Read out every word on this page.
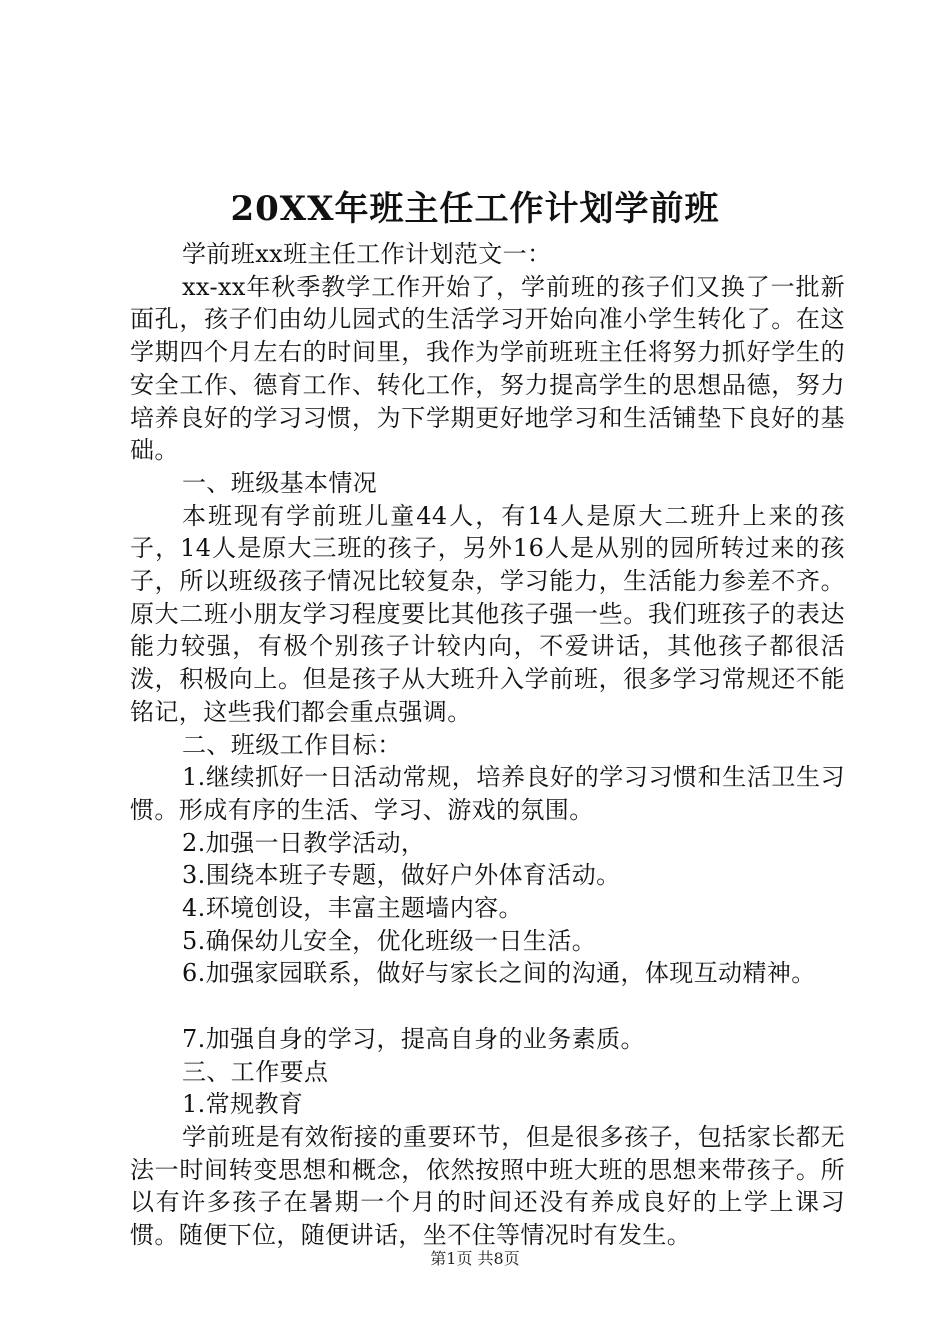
20XX年班主任工作计划学前班

学前班xx班主任工作计划范文一：

xx-xx年秋季教学工作开始了，学前班的孩子们又换了一批新面孔，孩子们由幼儿园式的生活学习开始向准小学生转化了。在这学期四个月左右的时间里，我作为学前班班主任将努力抓好学生的安全工作、德育工作、转化工作，努力提高学生的思想品德，努力培养良好的学习习惯，为下学期更好地学习和生活铺垫下良好的基础。

一、班级基本情况

本班现有学前班儿童44人，有14人是原大二班升上来的孩子，14人是原大三班的孩子，另外16人是从别的园所转过来的孩子，所以班级孩子情况比较复杂，学习能力，生活能力参差不齐。原大二班小朋友学习程度要比其他孩子强一些。我们班孩子的表达能力较强，有极个别孩子计较内向，不爱讲话，其他孩子都很活泼，积极向上。但是孩子从大班升入学前班，很多学习常规还不能铭记，这些我们都会重点强调。

二、班级工作目标：

1.继续抓好一日活动常规，培养良好的学习习惯和生活卫生习惯。形成有序的生活、学习、游戏的氛围。

2.加强一日教学活动，

3.围绕本班子专题，做好户外体育活动。

4.环境创设，丰富主题墙内容。

5.确保幼儿安全，优化班级一日生活。

6.加强家园联系，做好与家长之间的沟通，体现互动精神。

7.加强自身的学习，提高自身的业务素质。

三、工作要点

1.常规教育

学前班是有效衔接的重要环节，但是很多孩子，包括家长都无法一时间转变思想和概念，依然按照中班大班的思想来带孩子。所以有许多孩子在暑期一个月的时间还没有养成良好的上学上课习惯。随便下位，随便讲话，坐不住等情况时有发生。

第1页 共8页
